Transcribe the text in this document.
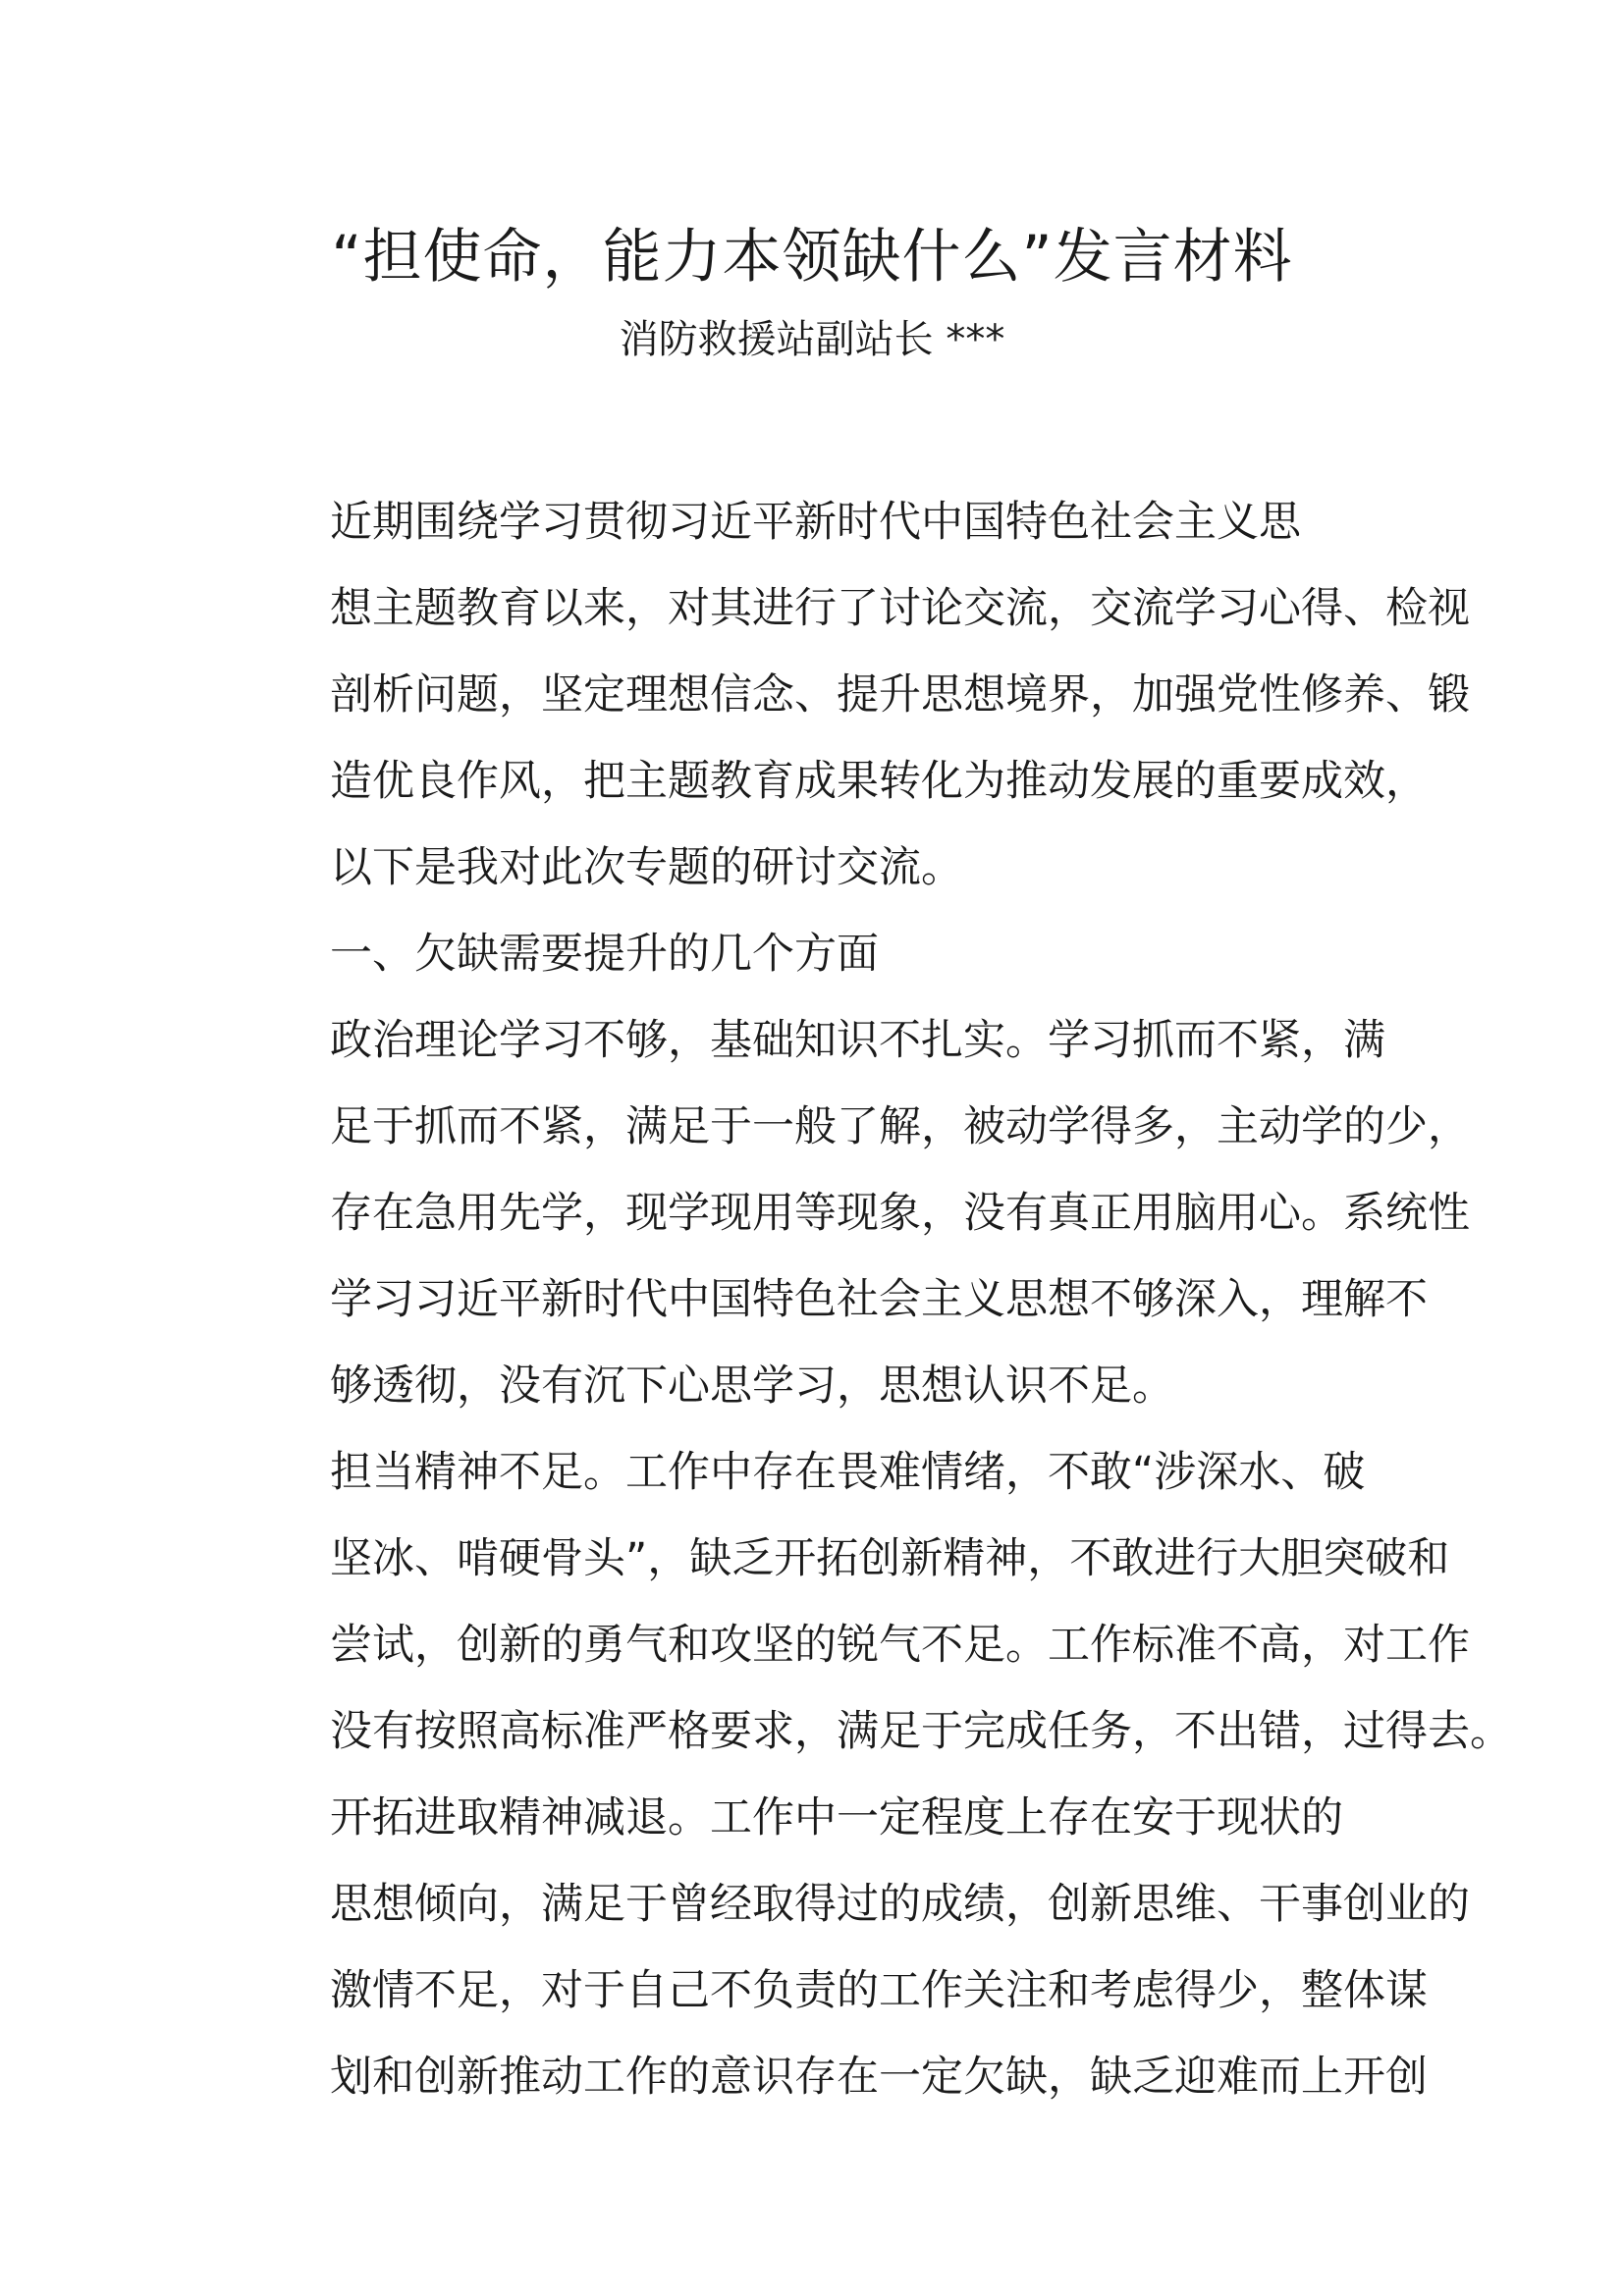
“担使命，能力本领缺什么”发言材料
消防救援站副站长 ***

近期围绕学习贯彻习近平新时代中国特色社会主义思
想主题教育以来，对其进行了讨论交流，交流学习心得、检视
剖析问题，坚定理想信念、提升思想境界，加强党性修养、锻
造优良作风，把主题教育成果转化为推动发展的重要成效，
以下是我对此次专题的研讨交流。

一、欠缺需要提升的几个方面

政治理论学习不够，基础知识不扎实。学习抓而不紧，满
足于抓而不紧，满足于一般了解，被动学得多，主动学的少，
存在急用先学，现学现用等现象，没有真正用脑用心。系统性
学习习近平新时代中国特色社会主义思想不够深入，理解不
够透彻，没有沉下心思学习，思想认识不足。

担当精神不足。工作中存在畏难情绪，不敢“涉深水、破
坚冰、啃硬骨头”，缺乏开拓创新精神，不敢进行大胆突破和
尝试，创新的勇气和攻坚的锐气不足。工作标准不高，对工作
没有按照高标准严格要求，满足于完成任务，不出错，过得去。

开拓进取精神减退。工作中一定程度上存在安于现状的
思想倾向，满足于曾经取得过的成绩，创新思维、干事创业的
激情不足，对于自己不负责的工作关注和考虑得少，整体谋
划和创新推动工作的意识存在一定欠缺，缺乏迎难而上开创
